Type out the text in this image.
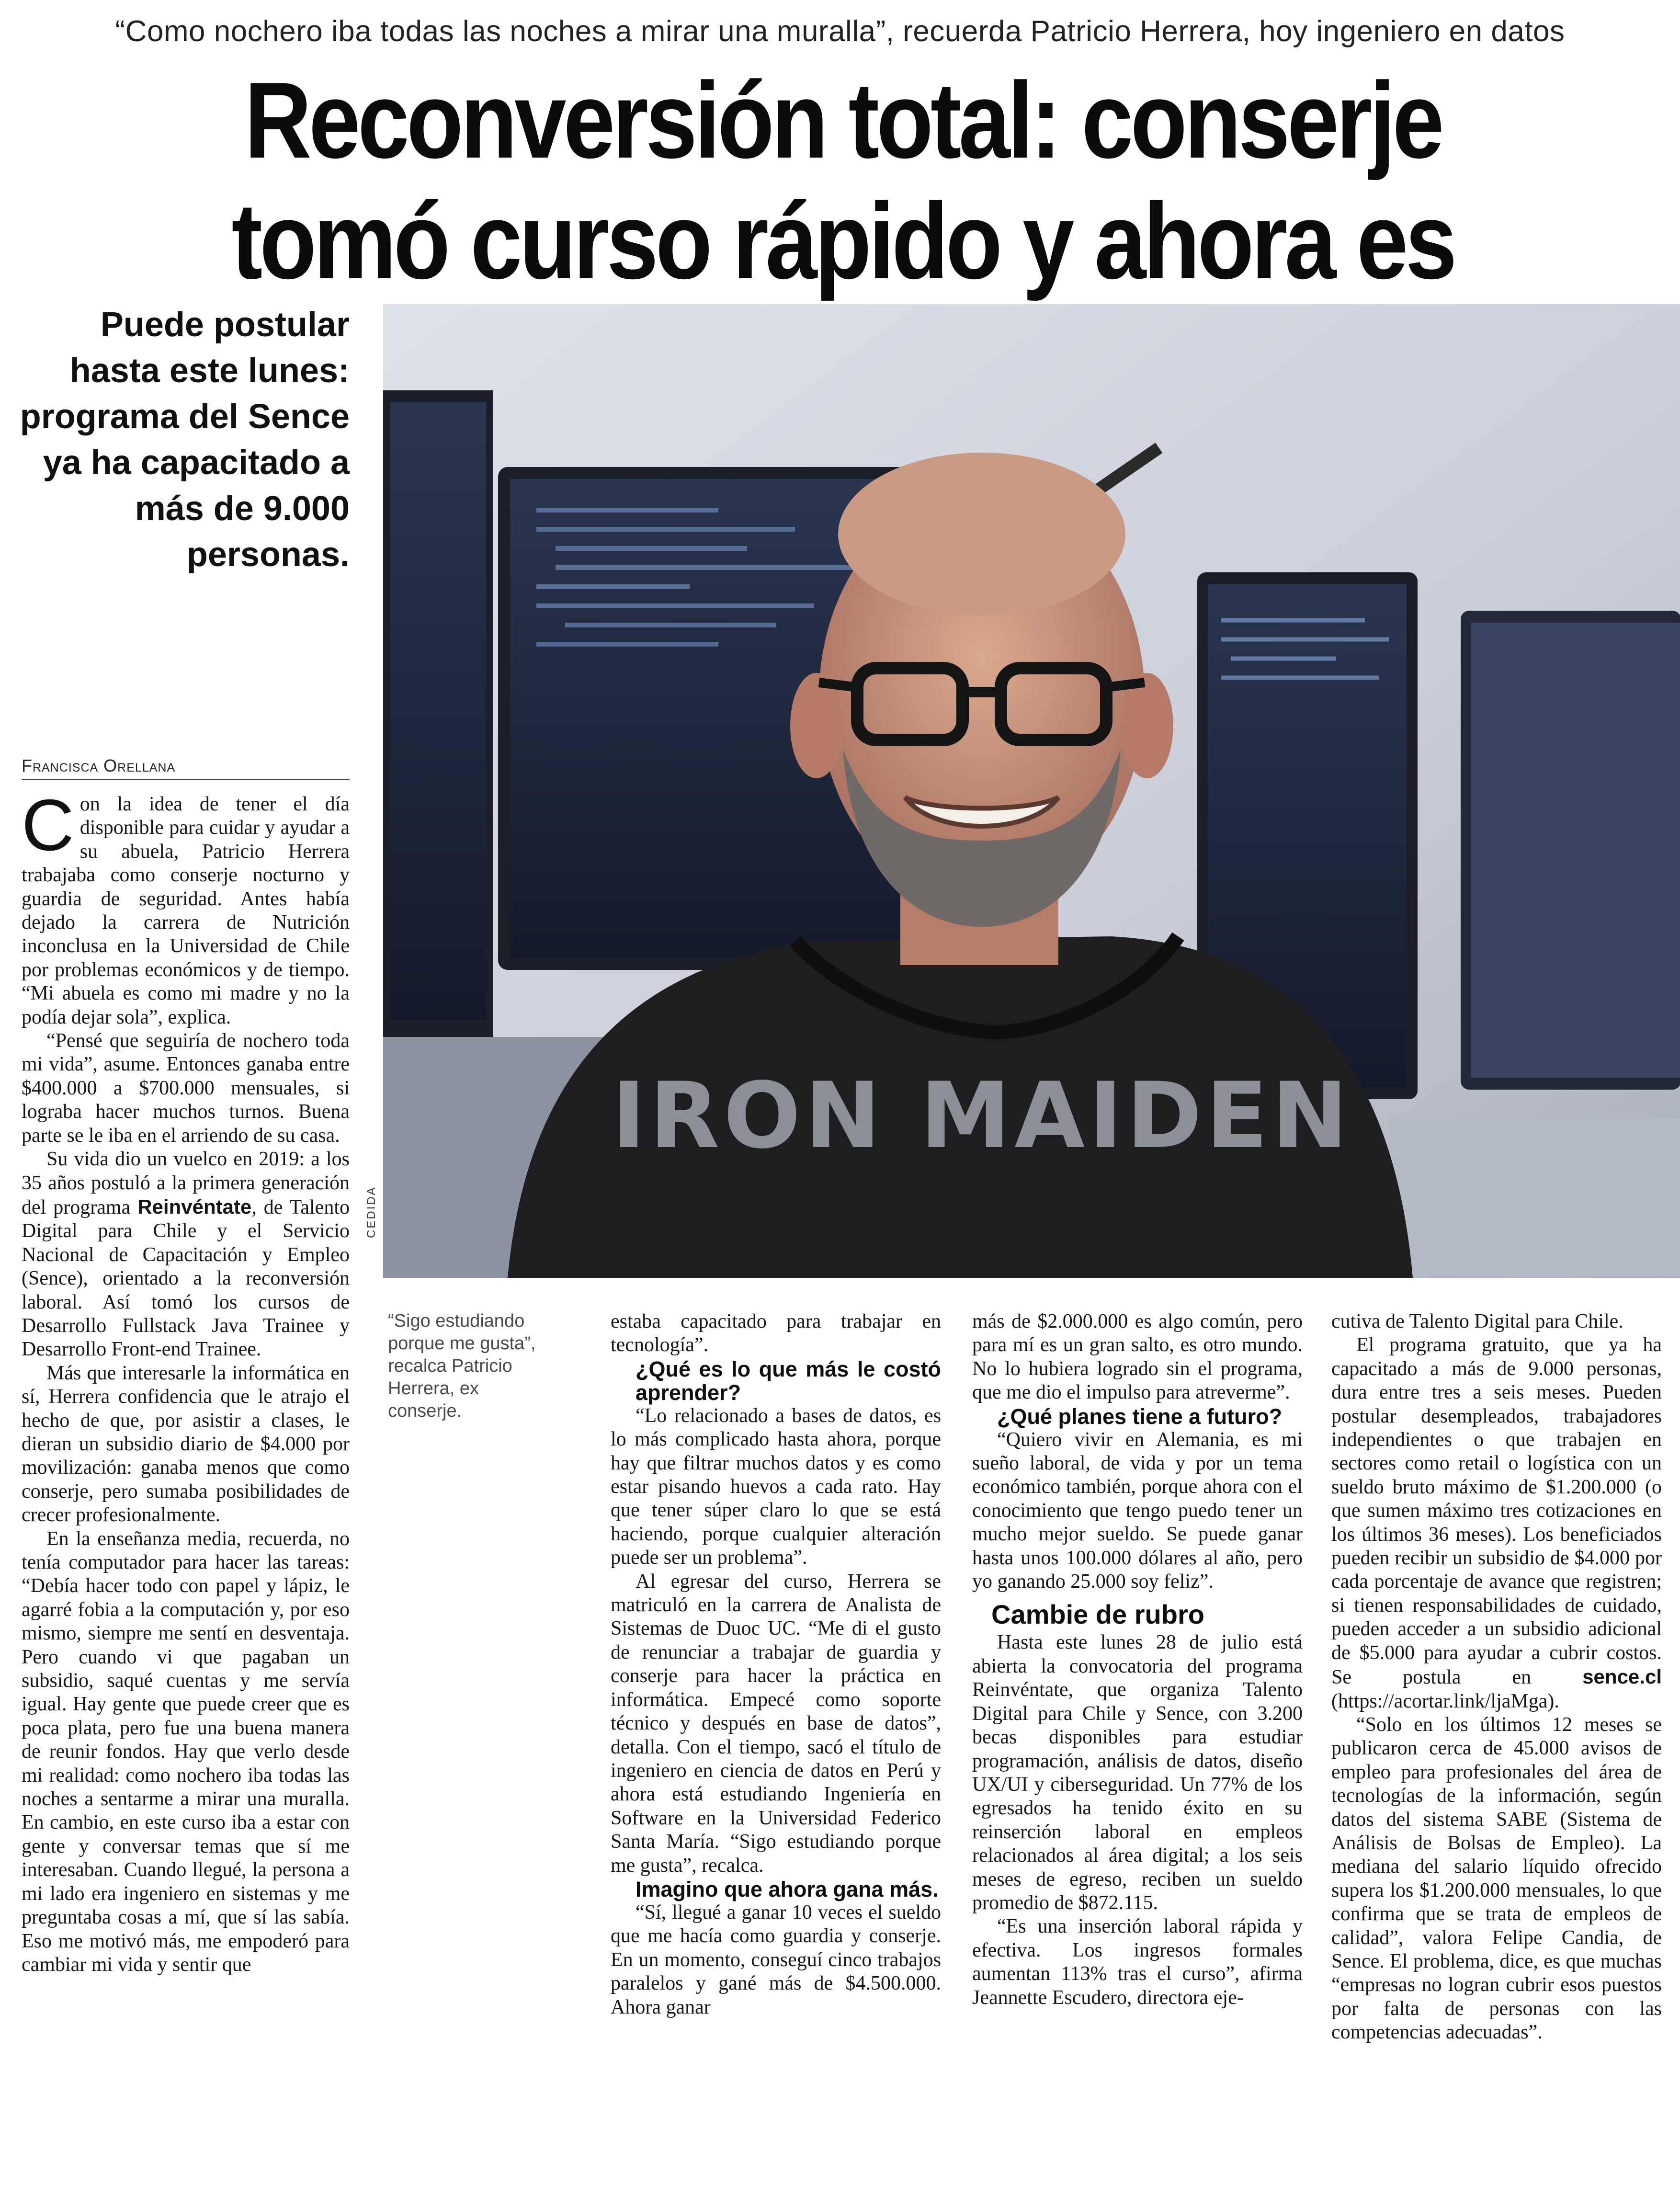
“Como nochero iba todas las noches a mirar una muralla”, recuerda Patricio Herrera, hoy ingeniero en datos
Reconversión total: conserje tomó curso rápido y ahora es
Puede postular hasta este lunes: programa del Sence ya ha capacitado a más de 9.000 personas.
IRON MAIDEN
CEDIDA
Francisca Orellana

Con la idea de tener el día disponible para cuidar y ayudar a su abuela, Patricio Herrera trabajaba como conserje nocturno y guardia de seguridad. Antes había dejado la carrera de Nutrición inconclusa en la Universidad de Chile por problemas económicos y de tiempo. “Mi abuela es como mi madre y no la podía dejar sola”, explica.

“Pensé que seguiría de nochero toda mi vida”, asume. Entonces ganaba entre $400.000 a $700.000 mensuales, si lograba hacer muchos turnos. Buena parte se le iba en el arriendo de su casa.

Su vida dio un vuelco en 2019: a los 35 años postuló a la primera generación del programa Reinvéntate, de Talento Digital para Chile y el Servicio Nacional de Capacitación y Empleo (Sence), orientado a la reconversión laboral. Así tomó los cursos de Desarrollo Fullstack Java Trainee y Desarrollo Front-end Trainee.

Más que interesarle la informática en sí, Herrera confidencia que le atrajo el hecho de que, por asistir a clases, le dieran un subsidio diario de $4.000 por movilización: ganaba menos que como conserje, pero sumaba posibilidades de crecer profesionalmente.

En la enseñanza media, recuerda, no tenía computador para hacer las tareas: “Debía hacer todo con papel y lápiz, le agarré fobia a la computación y, por eso mismo, siempre me sentí en desventaja. Pero cuando vi que pagaban un subsidio, saqué cuentas y me servía igual. Hay gente que puede creer que es poca plata, pero fue una buena manera de reunir fondos. Hay que verlo desde mi realidad: como nochero iba todas las noches a sentarme a mirar una muralla. En cambio, en este curso iba a estar con gente y conversar temas que sí me interesaban. Cuando llegué, la persona a mi lado era ingeniero en sistemas y me preguntaba cosas a mí, que sí las sabía. Eso me motivó más, me empoderó para cambiar mi vida y sentir que

“Sigo estudiando porque me gusta”, recalca Patricio Herrera, ex conserje.

estaba capacitado para trabajar en tecnología”.

¿Qué es lo que más le costó aprender?

“Lo relacionado a bases de datos, es lo más complicado hasta ahora, porque hay que filtrar muchos datos y es como estar pisando huevos a cada rato. Hay que tener súper claro lo que se está haciendo, porque cualquier alteración puede ser un problema”.

Al egresar del curso, Herrera se matriculó en la carrera de Analista de Sistemas de Duoc UC. “Me di el gusto de renunciar a trabajar de guardia y conserje para hacer la práctica en informática. Empecé como soporte técnico y después en base de datos”, detalla. Con el tiempo, sacó el título de ingeniero en ciencia de datos en Perú y ahora está estudiando Ingeniería en Software en la Universidad Federico Santa María. “Sigo estudiando porque me gusta”, recalca.

Imagino que ahora gana más.

“Sí, llegué a ganar 10 veces el sueldo que me hacía como guardia y conserje. En un momento, conseguí cinco trabajos paralelos y gané más de $4.500.000. Ahora ganar

más de $2.000.000 es algo común, pero para mí es un gran salto, es otro mundo. No lo hubiera logrado sin el programa, que me dio el impulso para atreverme”.

¿Qué planes tiene a futuro?

“Quiero vivir en Alemania, es mi sueño laboral, de vida y por un tema económico también, porque ahora con el conocimiento que tengo puedo tener un mucho mejor sueldo. Se puede ganar hasta unos 100.000 dólares al año, pero yo ganando 25.000 soy feliz”.

Cambie de rubro

Hasta este lunes 28 de julio está abierta la convocatoria del programa Reinvéntate, que organiza Talento Digital para Chile y Sence, con 3.200 becas disponibles para estudiar programación, análisis de datos, diseño UX/UI y ciberseguridad. Un 77% de los egresados ha tenido éxito en su reinserción laboral en empleos relacionados al área digital; a los seis meses de egreso, reciben un sueldo promedio de $872.115.

“Es una inserción laboral rápida y efectiva. Los ingresos formales aumentan 113% tras el curso”, afirma Jeannette Escudero, directora eje-

cutiva de Talento Digital para Chile.

El programa gratuito, que ya ha capacitado a más de 9.000 personas, dura entre tres a seis meses. Pueden postular desempleados, trabajadores independientes o que trabajen en sectores como retail o logística con un sueldo bruto máximo de $1.200.000 (o que sumen máximo tres cotizaciones en los últimos 36 meses). Los beneficiados pueden recibir un subsidio de $4.000 por cada porcentaje de avance que registren; si tienen responsabilidades de cuidado, pueden acceder a un subsidio adicional de $5.000 para ayudar a cubrir costos. Se postula en sence.cl (https://acortar.link/ljaMga).

“Solo en los últimos 12 meses se publicaron cerca de 45.000 avisos de empleo para profesionales del área de tecnologías de la información, según datos del sistema SABE (Sistema de Análisis de Bolsas de Empleo). La mediana del salario líquido ofrecido supera los $1.200.000 mensuales, lo que confirma que se trata de empleos de calidad”, valora Felipe Candia, de Sence. El problema, dice, es que muchas “empresas no logran cubrir esos puestos por falta de personas con las competencias adecuadas”.
